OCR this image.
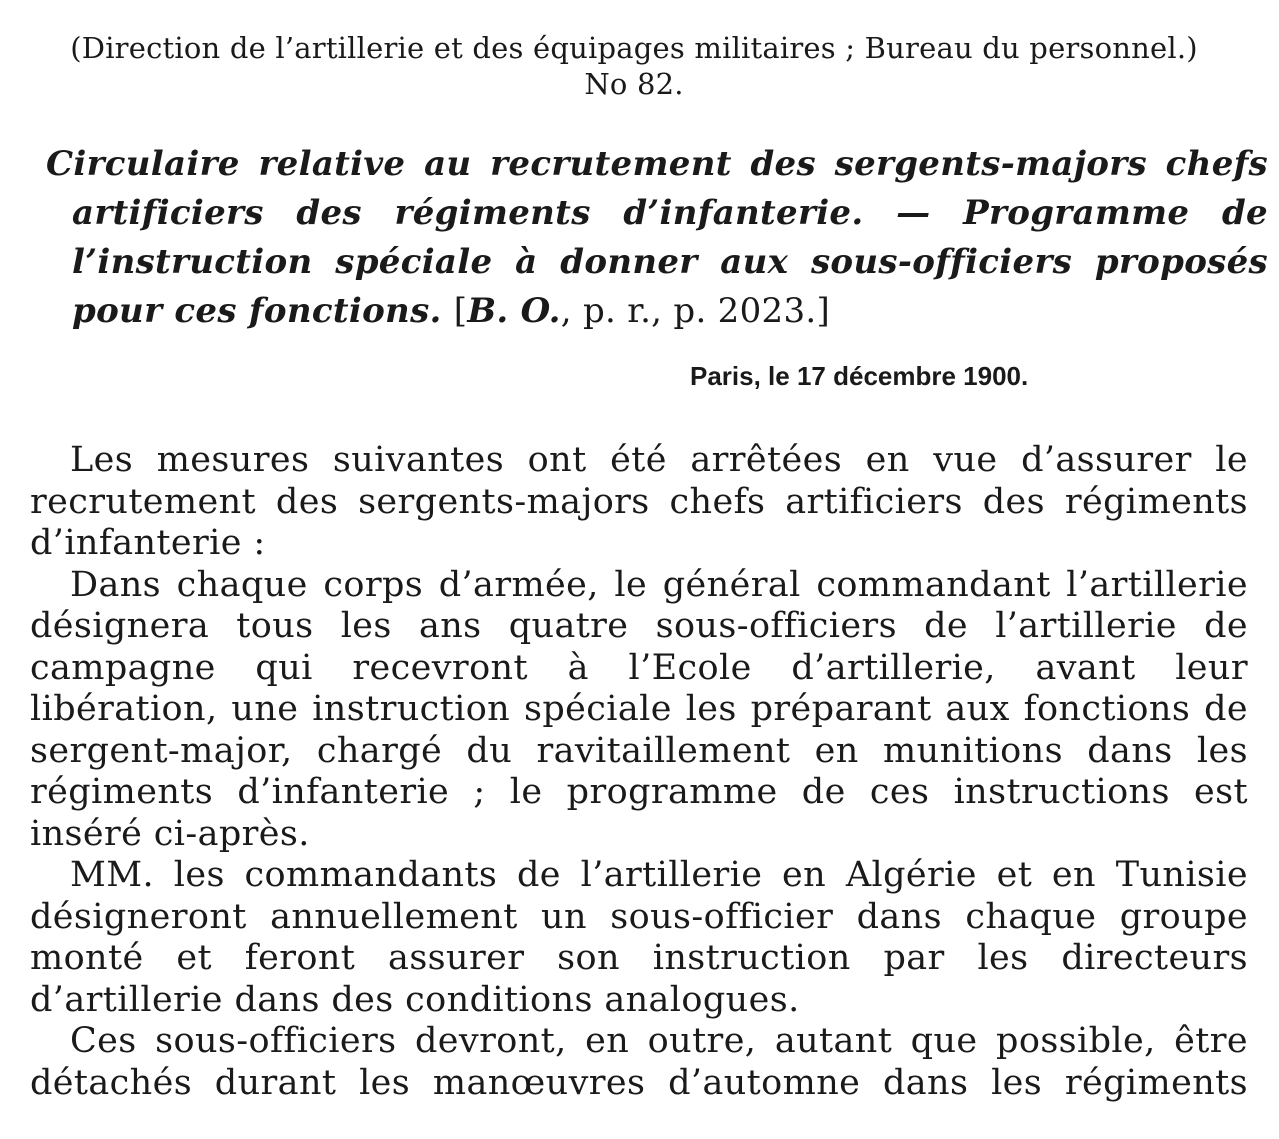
(Direction de l’artillerie et des équipages militaires ; Bureau du personnel.)
No 82.
Circulaire relative au recrutement des sergents-majors chefs artificiers des régiments d’infanterie. — Programme de l’instruction spéciale à donner aux sous-officiers proposés pour ces fonctions. [B. O., p. r., p. 2023.]
Paris, le 17 décembre 1900.

Les mesures suivantes ont été arrêtées en vue d’assurer le recrutement des sergents-majors chefs artificiers des régiments d’infanterie :

Dans chaque corps d’armée, le général commandant l’artillerie désignera tous les ans quatre sous-officiers de l’artillerie de campagne qui recevront à l’Ecole d’artillerie, avant leur libération, une instruction spéciale les préparant aux fonctions de sergent-major, chargé du ravitaillement en munitions dans les régiments d’infanterie ; le programme de ces instructions est inséré ci-après.

MM. les commandants de l’artillerie en Algérie et en Tunisie désigneront annuellement un sous-officier dans chaque groupe monté et feront assurer son instruction par les directeurs d’artillerie dans des conditions analogues.

Ces sous-officiers devront, en outre, autant que possible, être détachés durant les manœuvres d’automne dans les régiments
